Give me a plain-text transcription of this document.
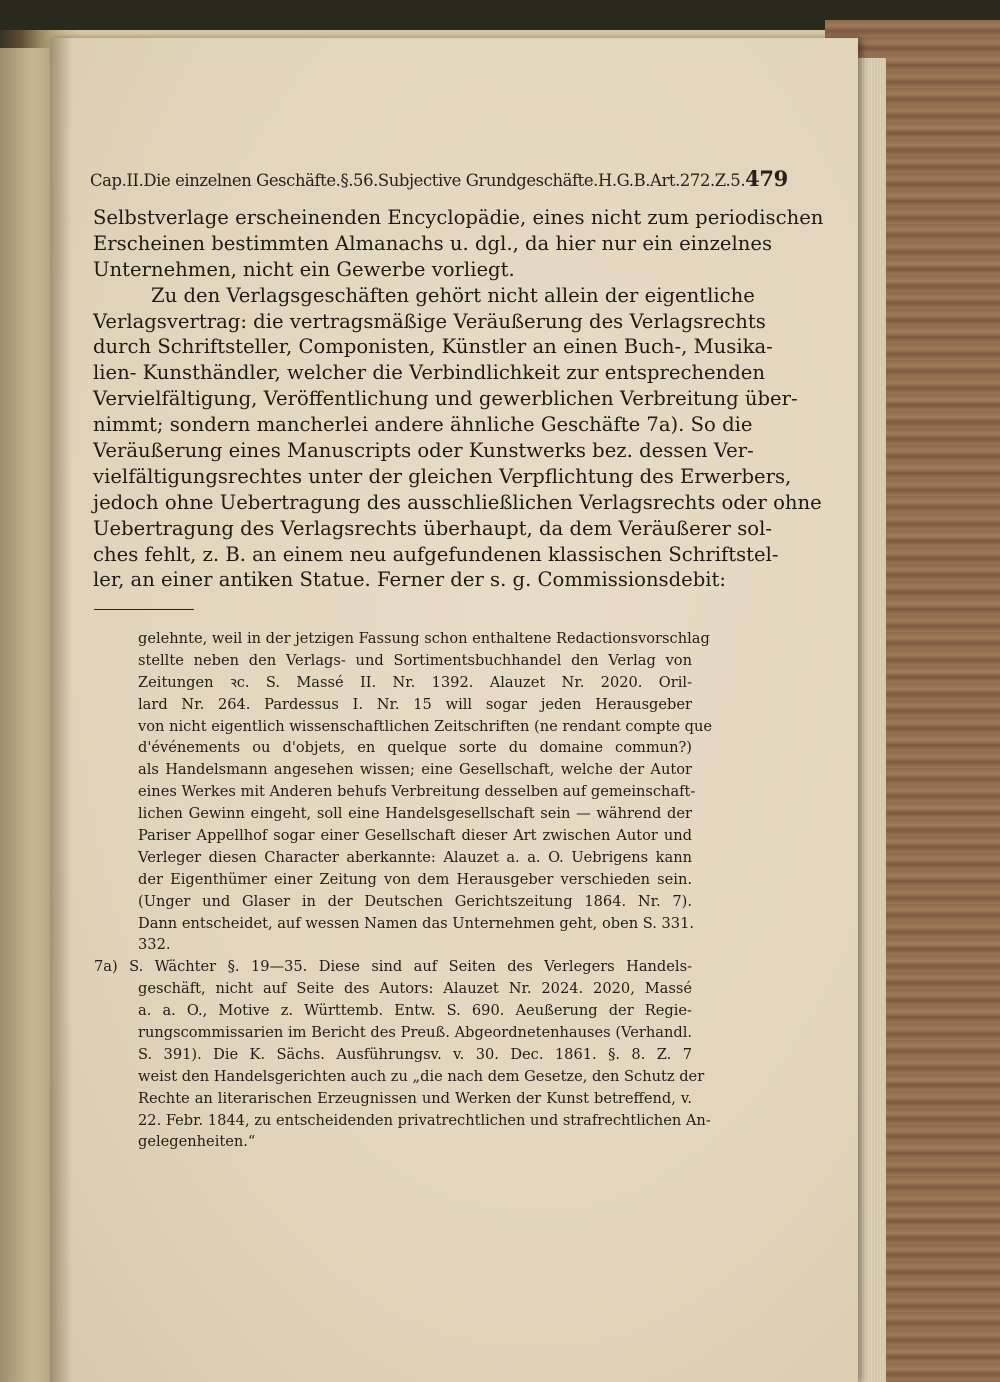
Cap.II.Die einzelnen Geschäfte.§.56.Subjective Grundgeschäfte.H.G.B.Art.272.Z.5.479
Selbstverlage erscheinenden Encyclopädie, eines nicht zum periodischen
Erscheinen bestimmten Almanachs u. dgl., da hier nur ein einzelnes
Unternehmen, nicht ein Gewerbe vorliegt.
Zu den Verlagsgeschäften gehört nicht allein der eigentliche
Verlagsvertrag: die vertragsmäßige Veräußerung des Verlagsrechts
durch Schriftsteller, Componisten, Künstler an einen Buch-, Musika-
lien- Kunsthändler, welcher die Verbindlichkeit zur entsprechenden
Vervielfältigung, Veröffentlichung und gewerblichen Verbreitung über-
nimmt; sondern mancherlei andere ähnliche Geschäfte 7a). So die
Veräußerung eines Manuscripts oder Kunstwerks bez. dessen Ver-
vielfältigungsrechtes unter der gleichen Verpflichtung des Erwerbers,
jedoch ohne Uebertragung des ausschließlichen Verlagsrechts oder ohne
Uebertragung des Verlagsrechts überhaupt, da dem Veräußerer sol-
ches fehlt, z. B. an einem neu aufgefundenen klassischen Schriftstel-
ler, an einer antiken Statue. Ferner der s. g. Commissionsdebit:
gelehnte, weil in der jetzigen Fassung schon enthaltene Redactionsvorschlag
stellte neben den Verlags- und Sortimentsbuchhandel den Verlag von
Zeitungen ꝛc. S. Massé II. Nr. 1392. Alauzet Nr. 2020. Oril-
lard Nr. 264. Pardessus I. Nr. 15 will sogar jeden Herausgeber
von nicht eigentlich wissenschaftlichen Zeitschriften (ne rendant compte que
d'événements ou d'objets, en quelque sorte du domaine commun?)
als Handelsmann angesehen wissen; eine Gesellschaft, welche der Autor
eines Werkes mit Anderen behufs Verbreitung desselben auf gemeinschaft-
lichen Gewinn eingeht, soll eine Handelsgesellschaft sein — während der
Pariser Appellhof sogar einer Gesellschaft dieser Art zwischen Autor und
Verleger diesen Character aberkannte: Alauzet a. a. O. Uebrigens kann
der Eigenthümer einer Zeitung von dem Herausgeber verschieden sein.
(Unger und Glaser in der Deutschen Gerichtszeitung 1864. Nr. 7).
Dann entscheidet, auf wessen Namen das Unternehmen geht, oben S. 331.
332.
7a) S. Wächter §. 19—35. Diese sind auf Seiten des Verlegers Handels-
geschäft, nicht auf Seite des Autors: Alauzet Nr. 2024. 2020, Massé
a. a. O., Motive z. Württemb. Entw. S. 690. Aeußerung der Regie-
rungscommissarien im Bericht des Preuß. Abgeordnetenhauses (Verhandl.
S. 391). Die K. Sächs. Ausführungsv. v. 30. Dec. 1861. §. 8. Z. 7
weist den Handelsgerichten auch zu „die nach dem Gesetze, den Schutz der
Rechte an literarischen Erzeugnissen und Werken der Kunst betreffend, v.
22. Febr. 1844, zu entscheidenden privatrechtlichen und strafrechtlichen An-
gelegenheiten.“
